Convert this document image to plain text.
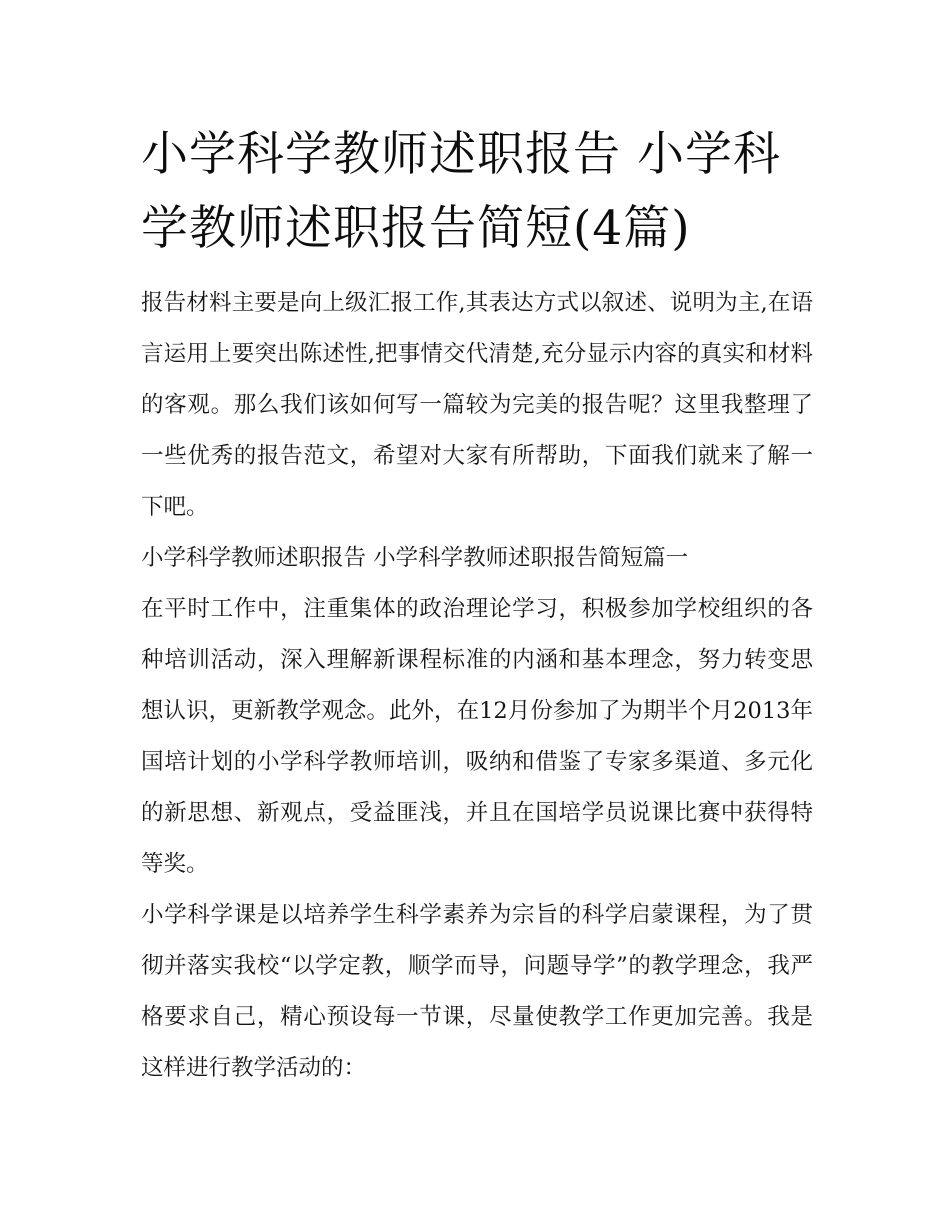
小学科学教师述职报告 小学科学教师述职报告简短(4篇)

报告材料主要是向上级汇报工作,其表达方式以叙述、说明为主,在语言运用上要突出陈述性,把事情交代清楚,充分显示内容的真实和材料的客观。那么我们该如何写一篇较为完美的报告呢？这里我整理了一些优秀的报告范文，希望对大家有所帮助，下面我们就来了解一下吧。

小学科学教师述职报告 小学科学教师述职报告简短篇一

在平时工作中，注重集体的政治理论学习，积极参加学校组织的各种培训活动，深入理解新课程标准的内涵和基本理念，努力转变思想认识，更新教学观念。此外，在12月份参加了为期半个月2013年国培计划的小学科学教师培训，吸纳和借鉴了专家多渠道、多元化的新思想、新观点，受益匪浅，并且在国培学员说课比赛中获得特等奖。

小学科学课是以培养学生科学素养为宗旨的科学启蒙课程，为了贯彻并落实我校“以学定教，顺学而导，问题导学”的教学理念，我严格要求自己，精心预设每一节课，尽量使教学工作更加完善。我是这样进行教学活动的：
